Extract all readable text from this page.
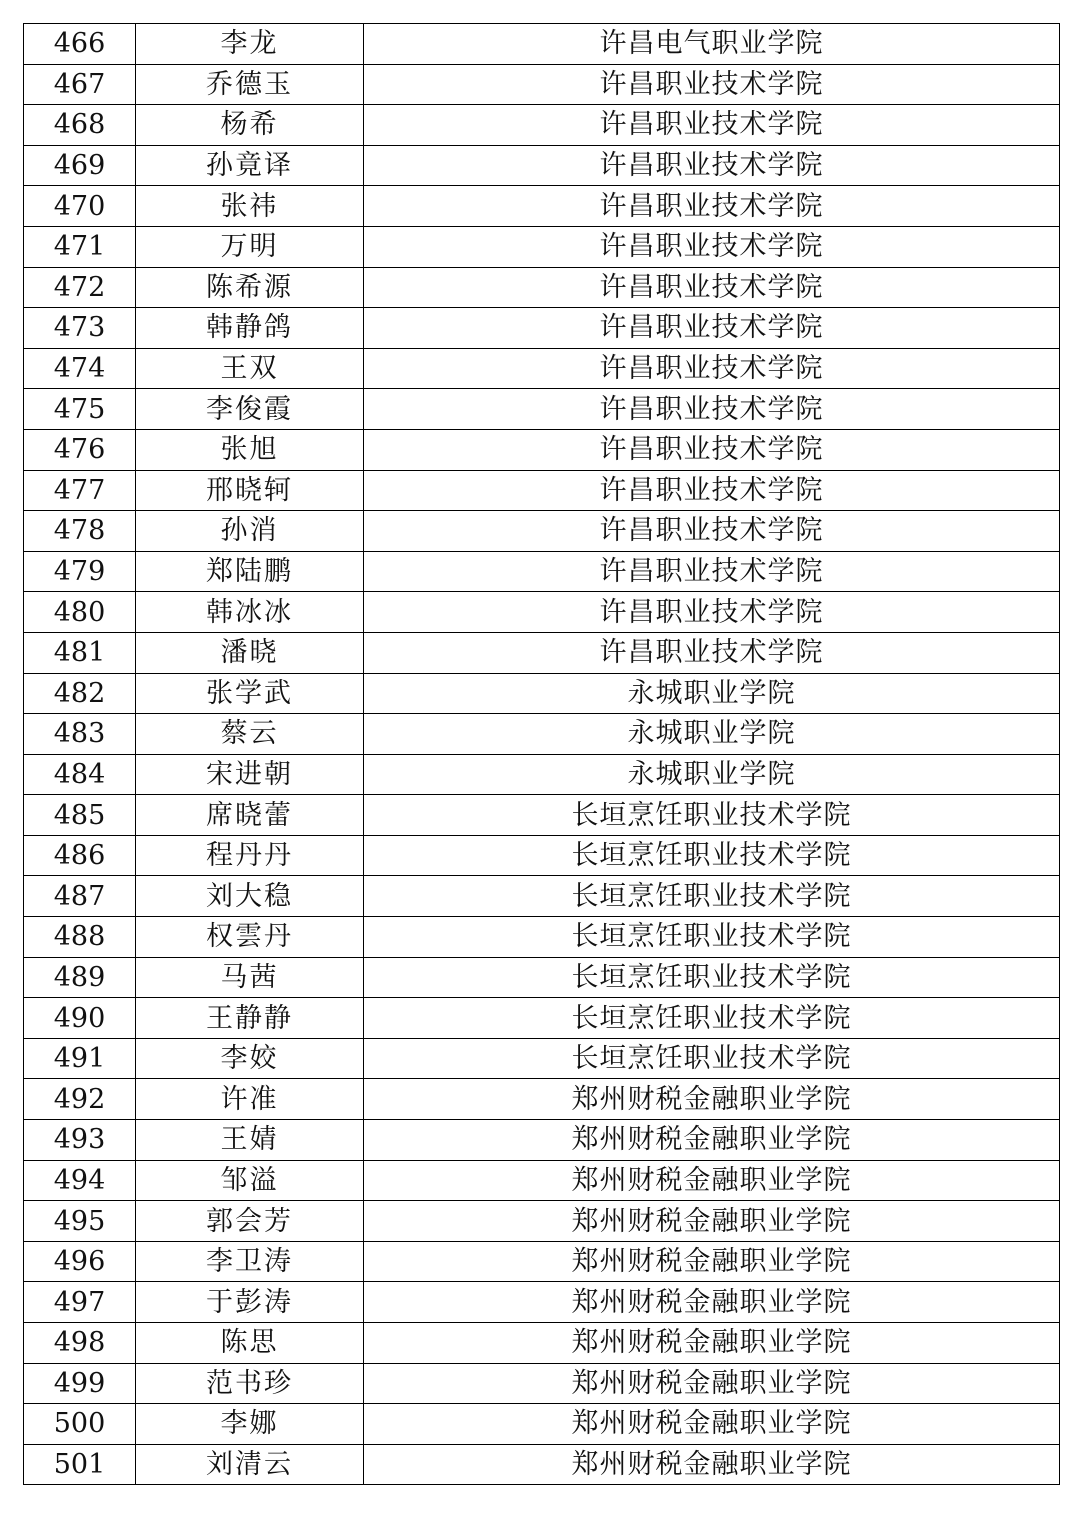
466	李龙	许昌电气职业学院
467	乔德玉	许昌职业技术学院
468	杨希	许昌职业技术学院
469	孙竟译	许昌职业技术学院
470	张祎	许昌职业技术学院
471	万明	许昌职业技术学院
472	陈希源	许昌职业技术学院
473	韩静鸽	许昌职业技术学院
474	王双	许昌职业技术学院
475	李俊霞	许昌职业技术学院
476	张旭	许昌职业技术学院
477	邢晓轲	许昌职业技术学院
478	孙消	许昌职业技术学院
479	郑陆鹏	许昌职业技术学院
480	韩冰冰	许昌职业技术学院
481	潘晓	许昌职业技术学院
482	张学武	永城职业学院
483	蔡云	永城职业学院
484	宋进朝	永城职业学院
485	席晓蕾	长垣烹饪职业技术学院
486	程丹丹	长垣烹饪职业技术学院
487	刘大稳	长垣烹饪职业技术学院
488	权雲丹	长垣烹饪职业技术学院
489	马茜	长垣烹饪职业技术学院
490	王静静	长垣烹饪职业技术学院
491	李姣	长垣烹饪职业技术学院
492	许准	郑州财税金融职业学院
493	王婧	郑州财税金融职业学院
494	邹溢	郑州财税金融职业学院
495	郭会芳	郑州财税金融职业学院
496	李卫涛	郑州财税金融职业学院
497	于彭涛	郑州财税金融职业学院
498	陈思	郑州财税金融职业学院
499	范书珍	郑州财税金融职业学院
500	李娜	郑州财税金融职业学院
501	刘清云	郑州财税金融职业学院
